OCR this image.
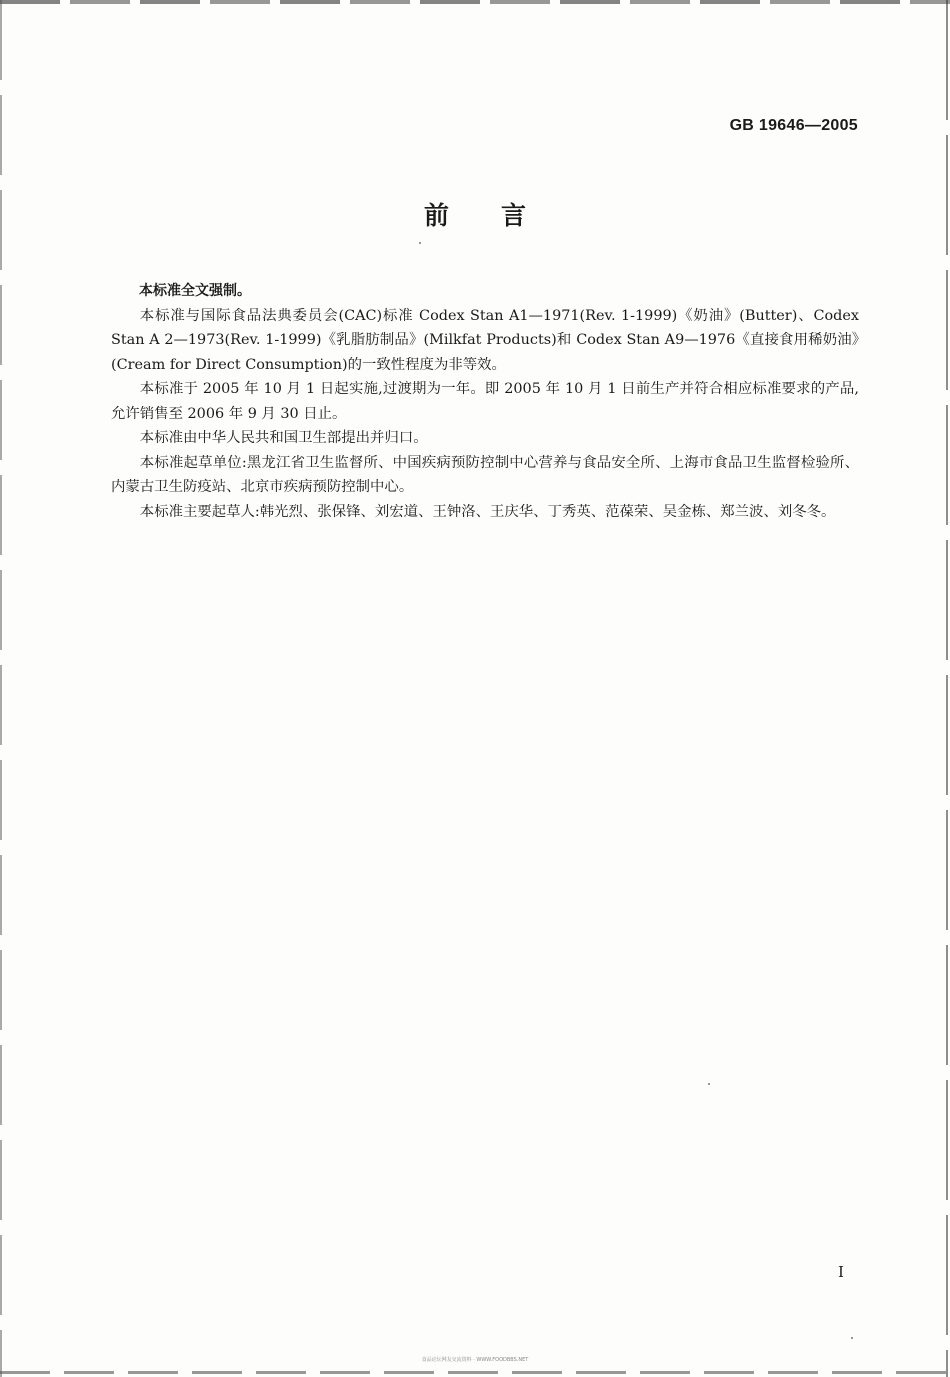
GB 19646—2005
前言

本标准全文强制。

本标准与国际食品法典委员会(CAC)标准 Codex Stan A1—1971(Rev. 1-1999)《奶油》(Butter)、Codex Stan A 2—1973(Rev. 1-1999)《乳脂肪制品》(Milkfat Products)和 Codex Stan A9—1976《直接食用稀奶油》(Cream for Direct Consumption)的一致性程度为非等效。

本标准于 2005 年 10 月 1 日起实施,过渡期为一年。即 2005 年 10 月 1 日前生产并符合相应标准要求的产品,允许销售至 2006 年 9 月 30 日止。

本标准由中华人民共和国卫生部提出并归口。

本标准起草单位:黑龙江省卫生监督所、中国疾病预防控制中心营养与食品安全所、上海市食品卫生监督检验所、内蒙古卫生防疫站、北京市疾病预防控制中心。

本标准主要起草人:韩光烈、张保锋、刘宏道、王钟洛、王庆华、丁秀英、范葆荣、吴金栋、郑兰波、刘冬冬。

I
食品论坛网友交流资料 · WWW.FOODBBS.NET
